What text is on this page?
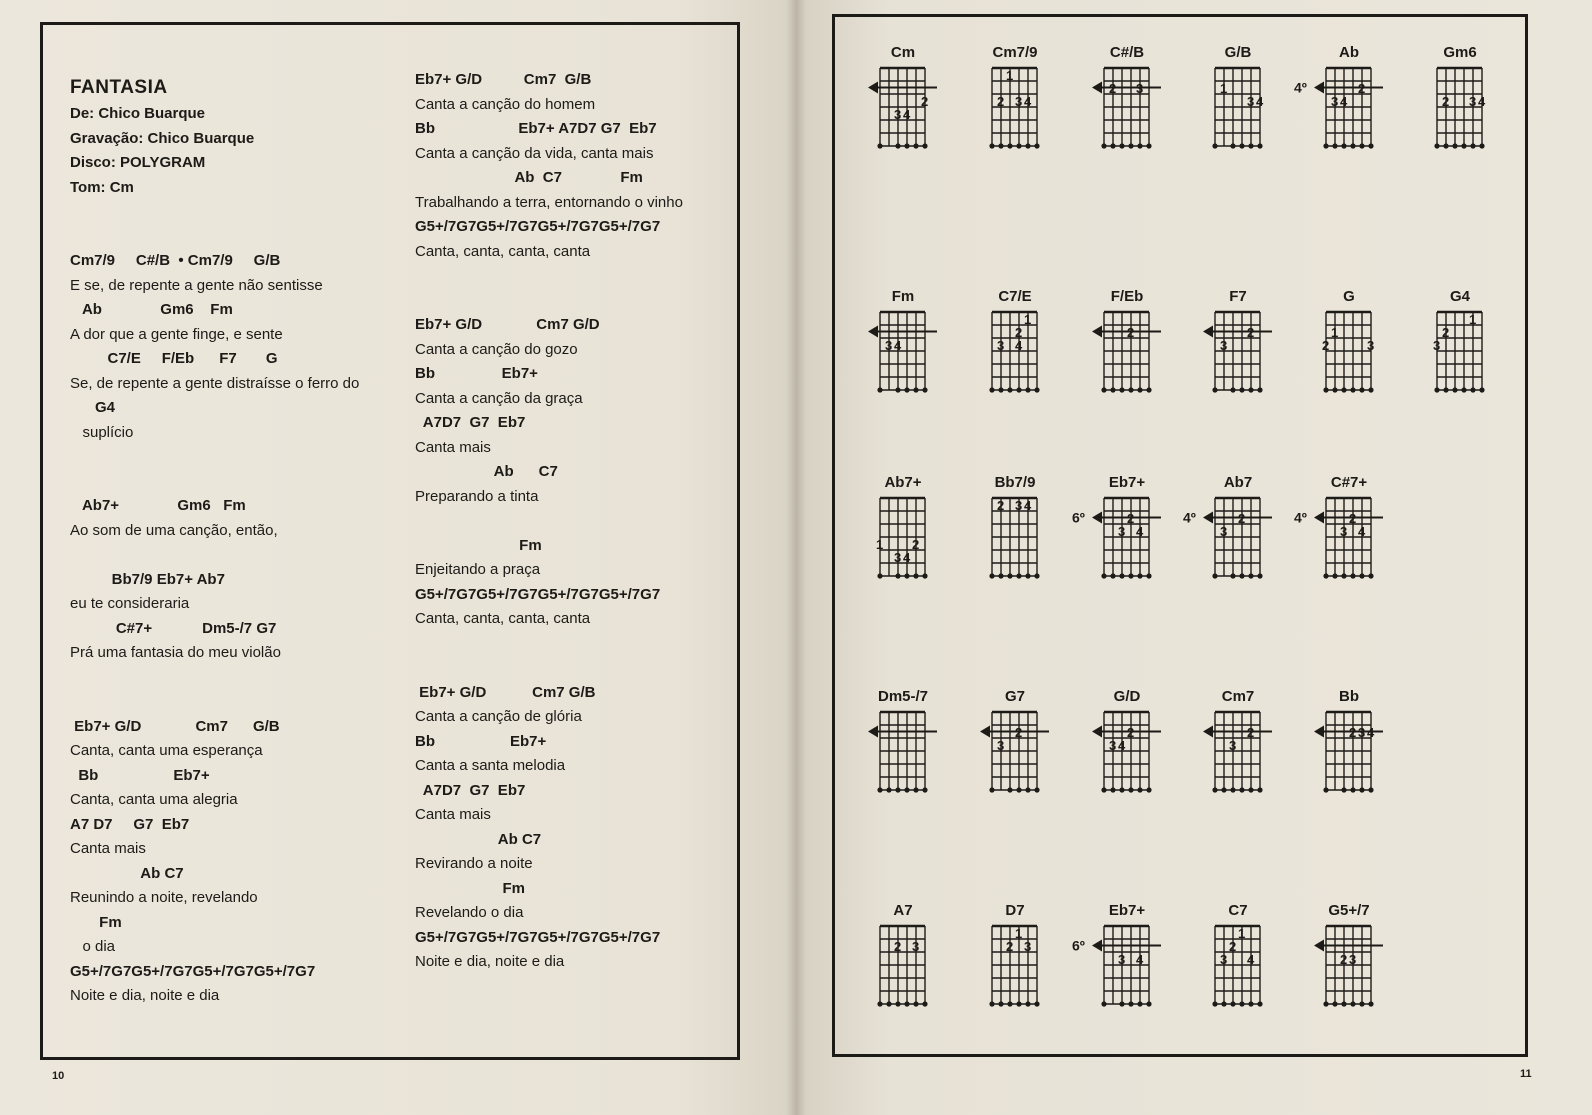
FANTASIA
De: Chico Buarque
Gravação: Chico Buarque
Disco: POLYGRAM
Tom: Cm
Cm7/9     C#/B  • Cm7/9     G/B
E se, de repente a gente não sentisse
Ab              Gm6    Fm
A dor que a gente finge, e sente
C7/E     F/Eb      F7       G
Se, de repente a gente distraísse o ferro do
G4
suplício
Ab7+              Gm6   Fm
Ao som de uma canção, então,
Bb7/9 Eb7+ Ab7
eu te consideraria
C#7+            Dm5-/7 G7
Prá uma fantasia do meu violão
Eb7+ G/D             Cm7      G/B
Canta, canta uma esperança
Bb                  Eb7+
Canta, canta uma alegria
A7 D7     G7  Eb7
Canta mais
Ab C7
Reunindo a noite, revelando
Fm
o dia
G5+/7G7G5+/7G7G5+/7G7G5+/7G7
Noite e dia, noite e dia
Eb7+ G/D          Cm7  G/B
Canta a canção do homem
Bb                    Eb7+ A7D7 G7  Eb7
Canta a canção da vida, canta mais
Ab  C7              Fm
Trabalhando a terra, entornando o vinho
G5+/7G7G5+/7G7G5+/7G7G5+/7G7
Canta, canta, canta, canta
Eb7+ G/D             Cm7 G/D
Canta a canção do gozo
Bb                Eb7+
Canta a canção da graça
A7D7  G7  Eb7
Canta mais
Ab      C7
Preparando a tinta
Fm
Enjeitando a praça
G5+/7G7G5+/7G7G5+/7G7G5+/7G7
Canta, canta, canta, canta
Eb7+ G/D           Cm7 G/B
Canta a canção de glória
Bb                  Eb7+
Canta a santa melodia
A7D7  G7  Eb7
Canta mais
Ab C7
Revirando a noite
Fm
Revelando o dia
G5+/7G7G5+/7G7G5+/7G7G5+/7G7
Noite e dia, noite e dia
Cm
2
3 4
Cm7/9
1
2 3 4
C#/B
2 3
G/B
1
3 4
Ab
4º	2
3 4
Gm6
2 3 4
Fm
3 4
C7/E
1
2
3 4
F/Eb
2
F7
2
3
G
1
2	3
G4
1
2
3
Ab7+
1 2
3 4
Bb7/9
2 3 4
Eb7+
6º	2
3 4
Ab7
4º	2
3
C#7+
4º	2
3 4
Dm5-/7	G7
2
3
G/D
2
3 4
Cm7
2
3
Bb
2 3 4
A7
2 3
D7
1
2 3
Eb7+
6º
3 4
C7
1
2
3 4
G5+/7
2 3
10	11
